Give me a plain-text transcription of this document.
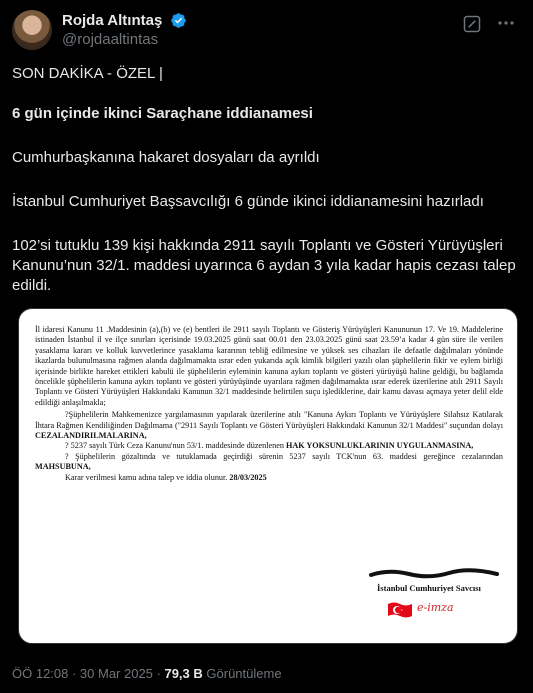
Rojda Altıntaş
@rojdaaltintas
SON DAKİKA - ÖZEL |
6 gün içinde ikinci Saraçhane iddianamesi
Cumhurbaşkanına hakaret dosyaları da ayrıldı
İstanbul Cumhuriyet Başsavcılığı 6 günde ikinci iddianamesini hazırladı
102’si tutuklu 139 kişi hakkında 2911 sayılı Toplantı ve Gösteri Yürüyüşleri Kanunu’nun 32/1. maddesi uyarınca 6 aydan 3 yıla kadar hapis cezası talep edildi.

İl idaresi Kanunu 11 .Maddesinin (a),(b) ve (e) bentleri ile 2911 sayılı Toplantı ve Gösteriş Yürüyüşleri Kanununun 17. Ve 19. Maddelerine istinaden İstanbul il ve ilçe sınırları içerisinde 19.03.2025 günü saat 00.01 den 23.03.2025 günü saat 23.59’a kadar 4 gün süre ile verilen yasaklama kararı ve kolluk kuvvetlerince yasaklama kararının tebliğ edilmesine ve yüksek ses cihazları ile defaatle dağılmaları yönünde ikazlarda bulunulmasına rağmen alanda dağılmamakta ısrar eden yukarıda açık kimlik bilgileri yazılı olan şüphelilerin fikir ve eylem birliği içerisinde birlikte hareket ettikleri kabulü ile şüphelilerin eyleminin kanuna aykırı toplantı ve gösteri yürüyüşü haline geldiği, bu bağlamda öncelikle şüphelilerin kanuna aykırı toplantı ve gösteri yürüyüşünde uyarılara rağmen dağılmamakta ısrar ederek üzerilerine atılı 2911 Sayılı Toplantı ve Gösteri Yürüyüşleri Hakkındaki Kanunun 32/1 maddesinde belirtilen suçu işlediklerine, dair kamu davası açmaya yeter delil elde edildiği anlaşılmakla;

?Şüphelilerin Mahkemenizce yargılamasının yapılarak üzerilerine atılı "Kanuna Aykırı Toplantı ve Yürüyüşlere Silahsız Katılarak İhtara Rağmen Kendiliğinden Dağılmama ("2911 Sayılı Toplantı ve Gösteri Yürüyüşleri Hakkındaki Kanunun 32/1 Maddesi" suçundan dolayı CEZALANDIRILMALARINA,

? 5237 sayılı Türk Ceza Kanunu'nun 53/1. maddesinde düzenlenen HAK YOKSUNLUKLARININ UYGULANMASINA,

? Şüphelilerin gözaltında ve tutuklamada geçirdiği sürenin 5237 sayılı TCK'nun 63. maddesi gereğince cezalarından MAHSUBUNA,

Karar verilmesi kamu adına talep ve iddia olunur. 28/03/2025

İstanbul Cumhuriyet Savcısı
e-imza
ÖÖ 12:08 · 30 Mar 2025 · 79,3 B Görüntüleme
